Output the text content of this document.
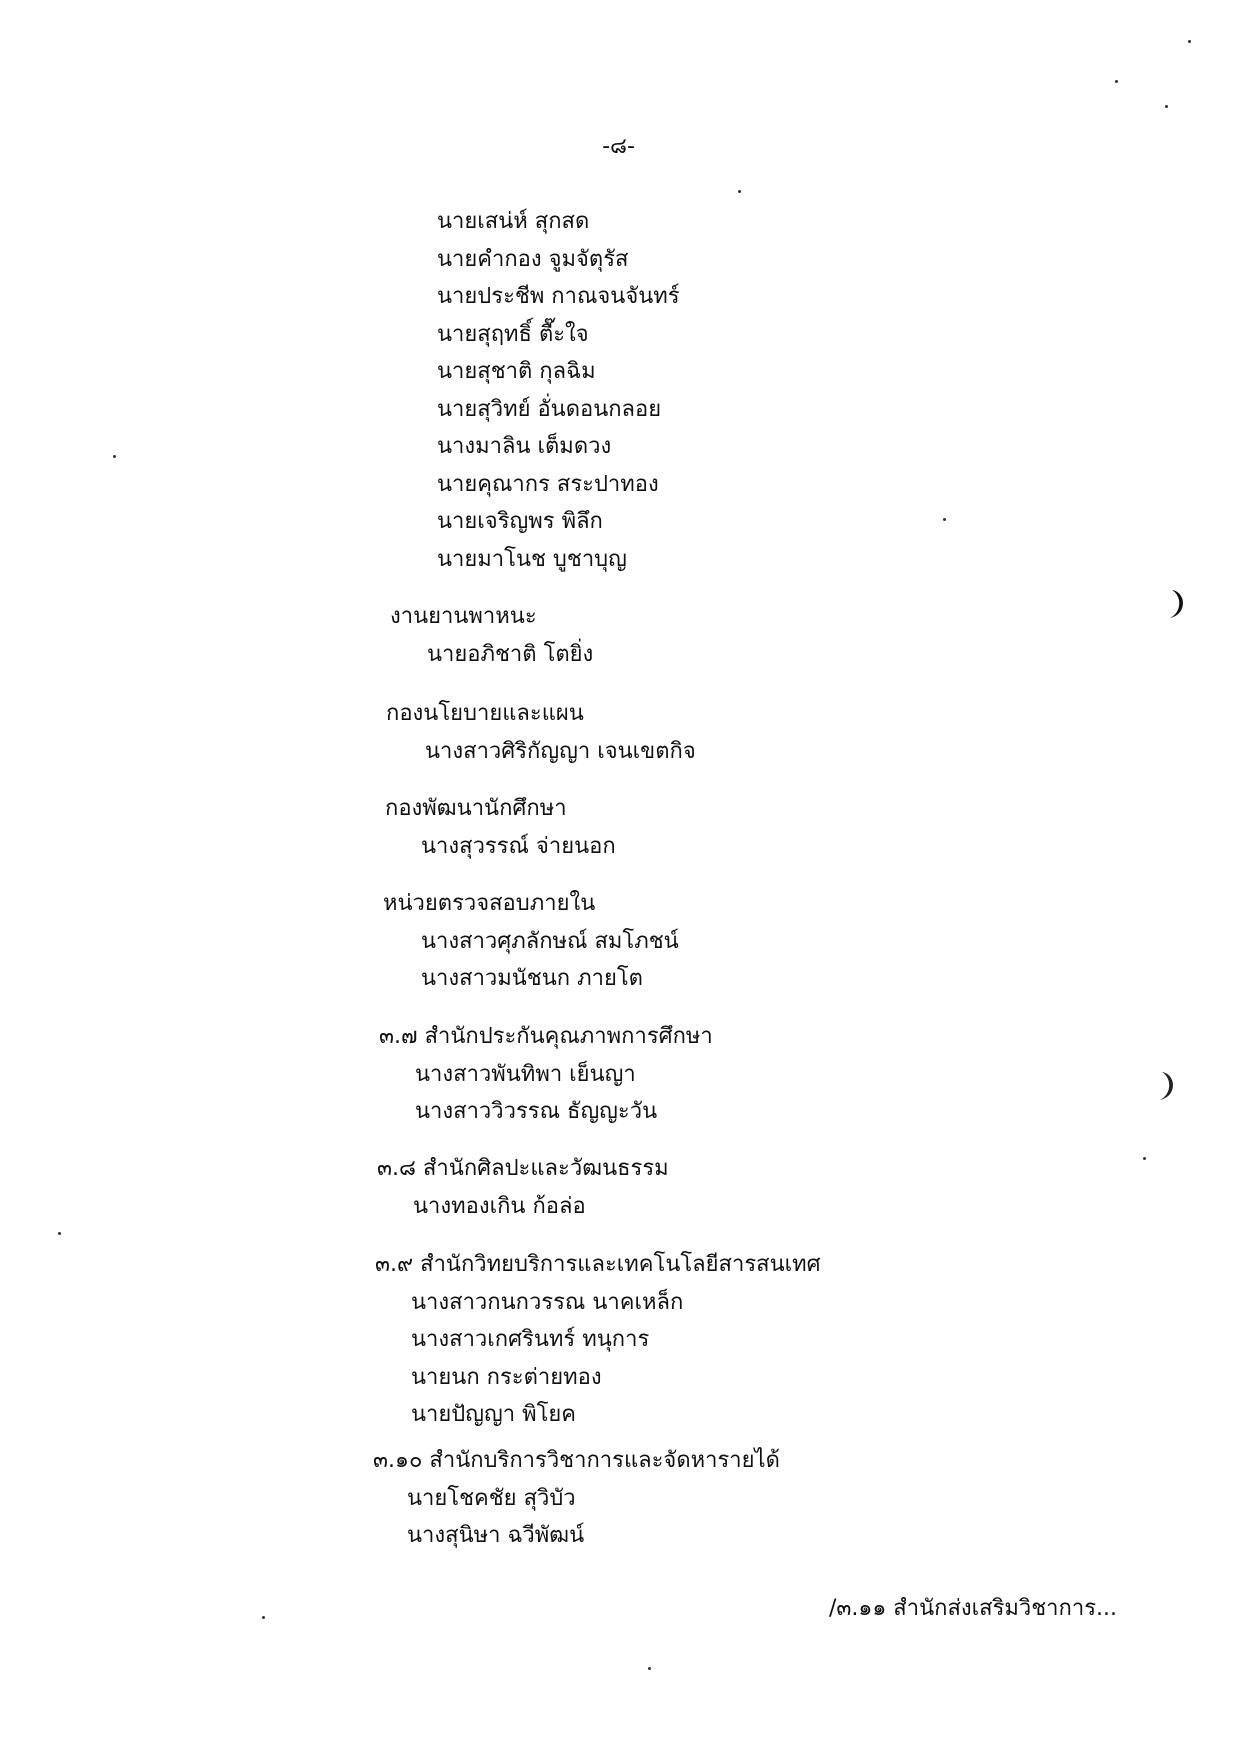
-๘-
นายเสน่ห์ สุกสด
นายคำกอง จูมจัตุรัส
นายประชีพ กาณจนจันทร์
นายสุฤทธิ์ ตื๊ะใจ
นายสุชาติ กุลฉิม
นายสุวิทย์ อั่นดอนกลอย
นางมาลิน เต็มดวง
นายคุณากร สระปาทอง
นายเจริญพร พิลึก
นายมาโนช บูชาบุญ
งานยานพาหนะ
นายอภิชาติ โตยิ่ง
กองนโยบายและแผน
นางสาวศิริกัญญา เจนเขตกิจ
กองพัฒนานักศึกษา
นางสุวรรณ์ จ่ายนอก
หน่วยตรวจสอบภายใน
นางสาวศุภลักษณ์ สมโภชน์
นางสาวมนัชนก ภายโต
๓.๗ สำนักประกันคุณภาพการศึกษา
นางสาวพันทิพา เย็นญา
นางสาววิวรรณ ธัญญะวัน
๓.๘ สำนักศิลปะและวัฒนธรรม
นางทองเกิน ก้อล่อ
๓.๙ สำนักวิทยบริการและเทคโนโลยีสารสนเทศ
นางสาวกนกวรรณ นาคเหล็ก
นางสาวเกศรินทร์ ทนุการ
นายนก กระต่ายทอง
นายปัญญา พิโยค
๓.๑๐ สำนักบริการวิชาการและจัดหารายได้
นายโชคชัย สุวิบัว
นางสุนิษา ฉวีพัฒน์
/๓.๑๑ สำนักส่งเสริมวิชาการ...
